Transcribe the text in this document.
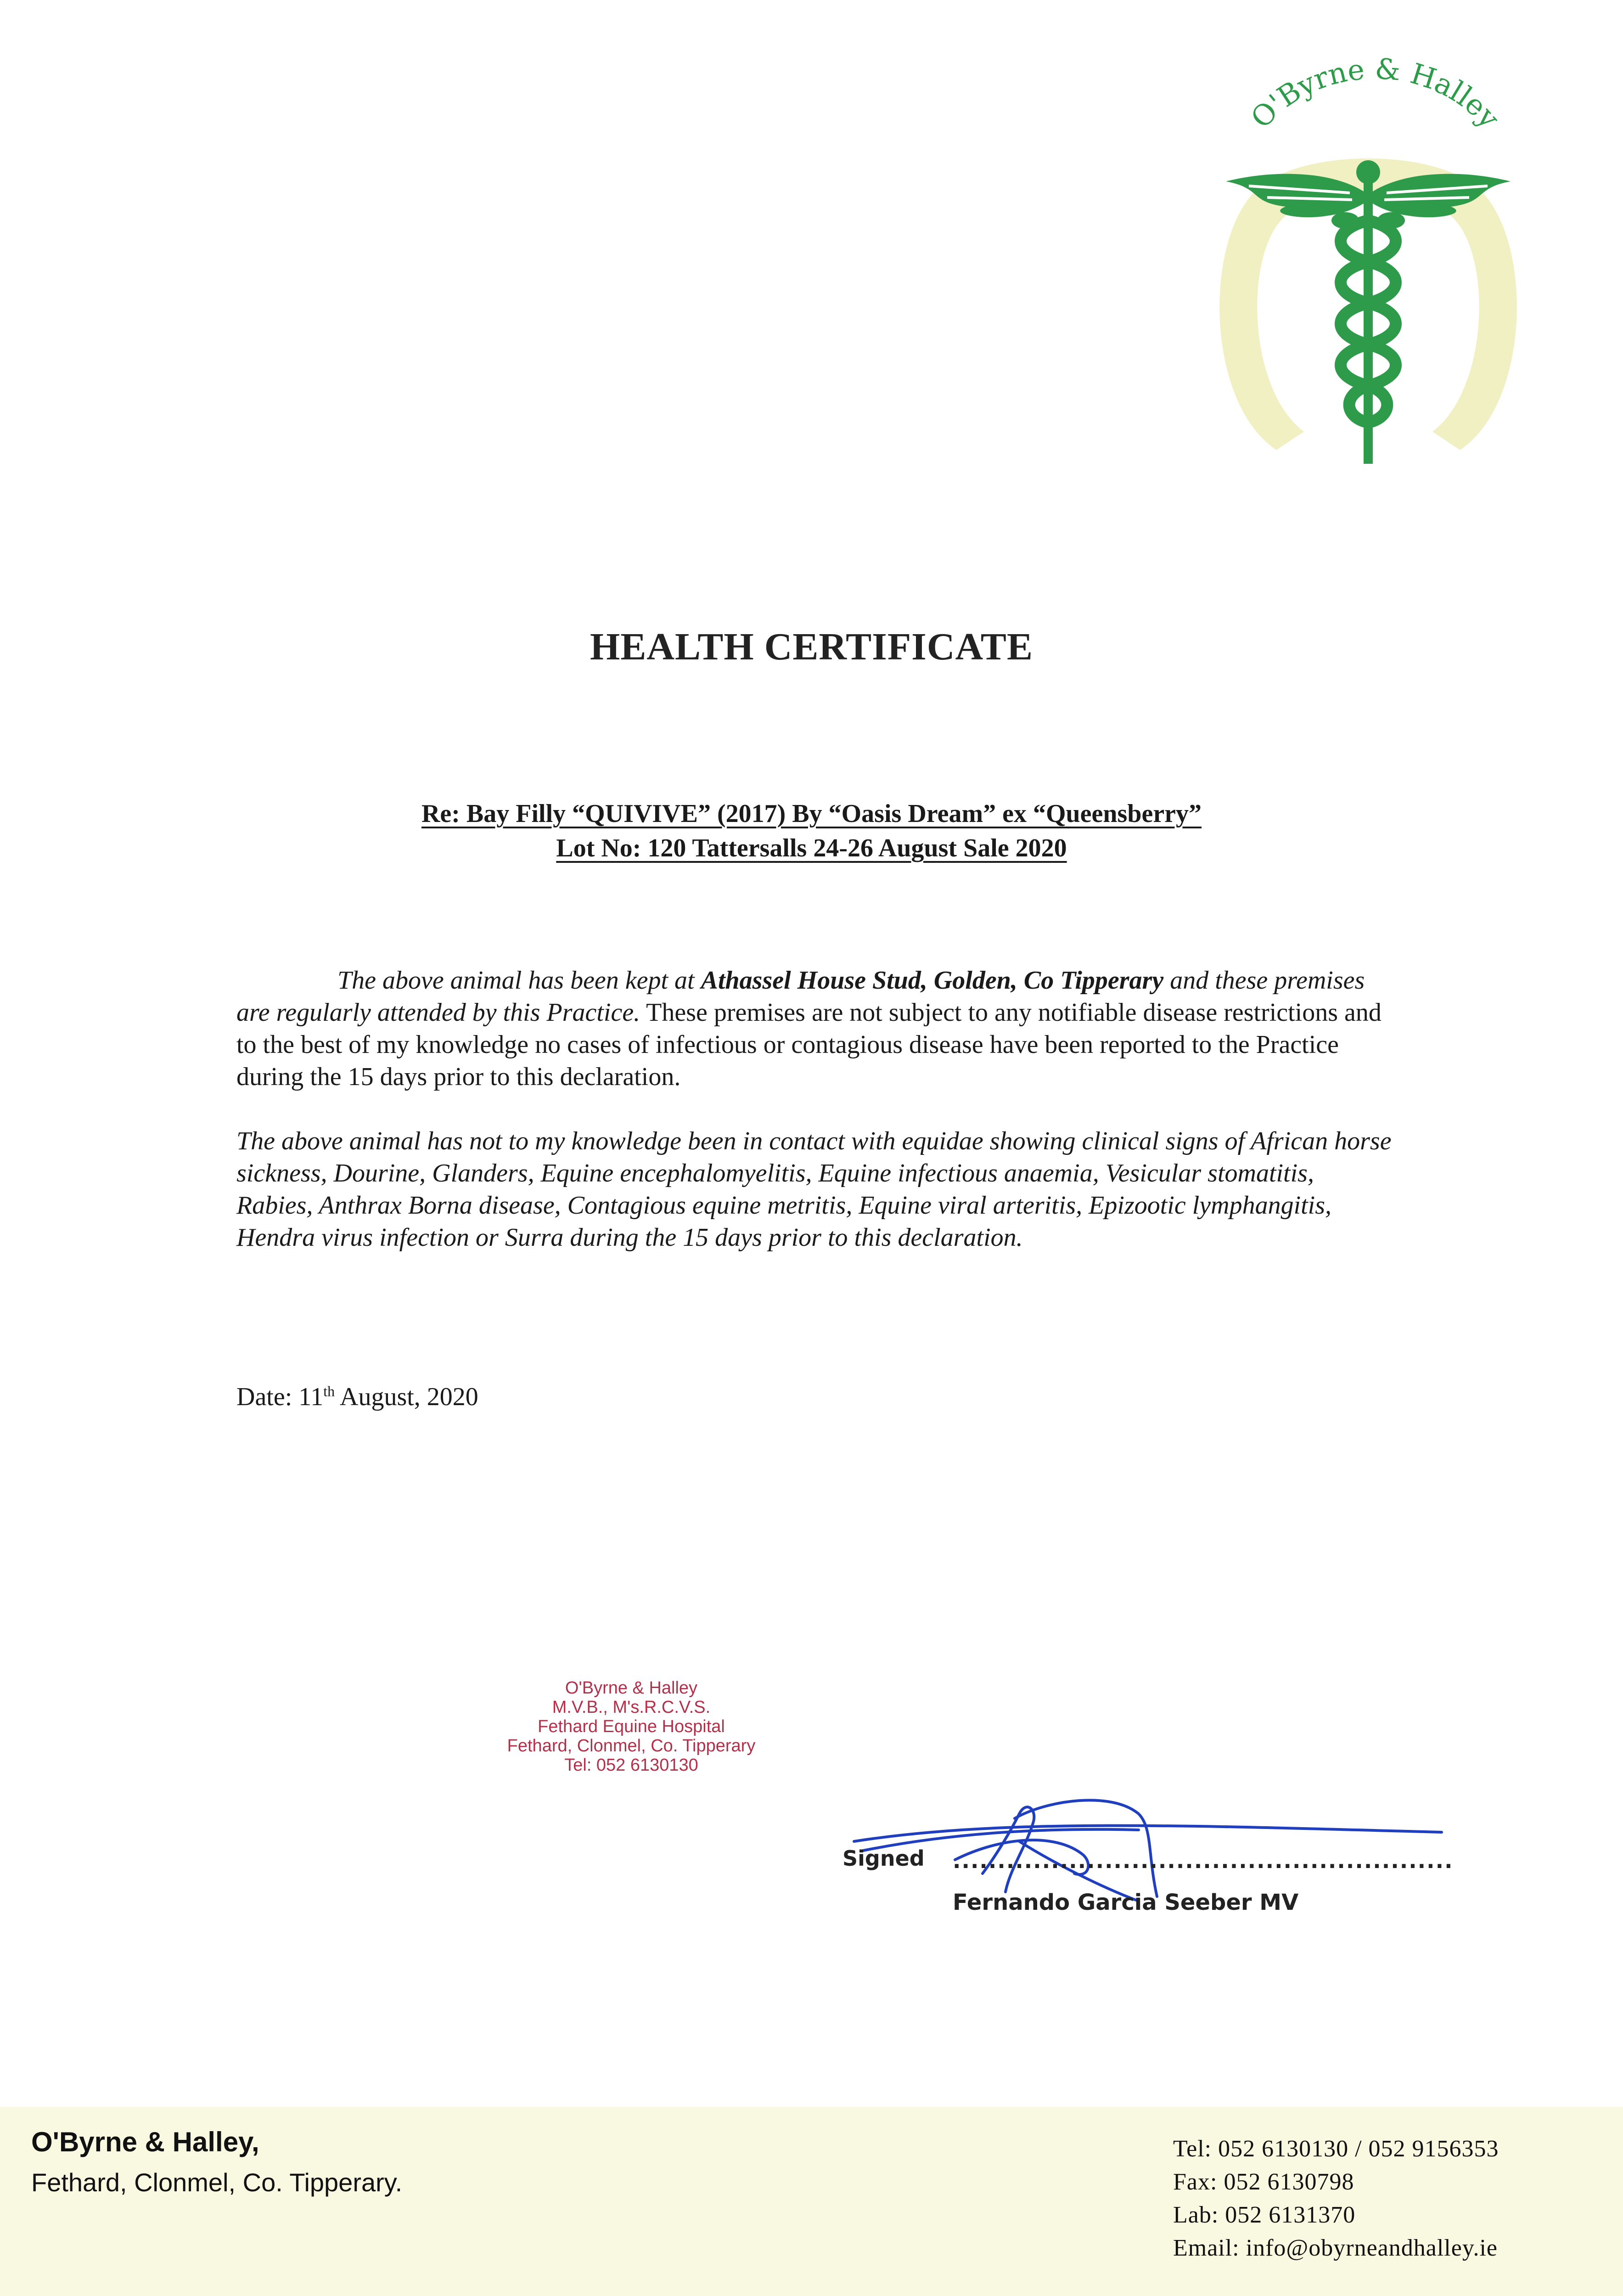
O'Byrne & Halley
HEALTH CERTIFICATE
Re: Bay Filly “QUIVIVE” (2017) By “Oasis Dream” ex “Queensberry”
Lot No: 120 Tattersalls 24-26 August Sale 2020
The above animal has been kept at Athassel House Stud, Golden, Co Tipperary and these premises are regularly attended by this Practice. These premises are not subject to any notifiable disease restrictions and to the best of my knowledge no cases of infectious or contagious disease have been reported to the Practice during the 15 days prior to this declaration.
The above animal has not to my knowledge been in contact with equidae showing clinical signs of African horse sickness, Dourine, Glanders, Equine encephalomyelitis, Equine infectious anaemia, Vesicular stomatitis, Rabies, Anthrax Borna disease, Contagious equine metritis, Equine viral arteritis, Epizootic lymphangitis, Hendra virus infection or Surra during the 15 days prior to this declaration.
Date: 11th August, 2020
O'Byrne & Halley
M.V.B., M's.R.C.V.S.
Fethard Equine Hospital
Fethard, Clonmel, Co. Tipperary
Tel: 052 6130130
Signed ........................................................
Fernando Garcia Seeber MV
O'Byrne & Halley,
Fethard, Clonmel, Co. Tipperary.
Tel: 052 6130130 / 052 9156353
Fax: 052 6130798
Lab: 052 6131370
Email: info@obyrneandhalley.ie
